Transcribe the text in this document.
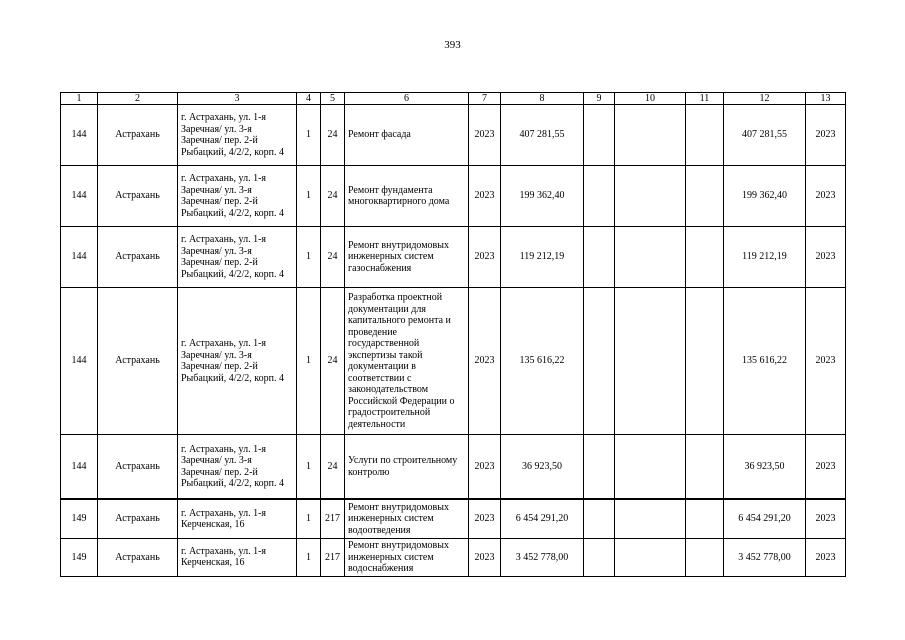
393
1	2	3	4	5	6	7	8	9	10	11	12	13
144	Астрахань	г. Астрахань, ул. 1-я Заречная/ ул. 3-я Заречная/ пер. 2-й Рыбацкий, 4/2/2, корп. 4	1	24	Ремонт фасада	2023	407 281,55				407 281,55	2023
144	Астрахань	г. Астрахань, ул. 1-я Заречная/ ул. 3-я Заречная/ пер. 2-й Рыбацкий, 4/2/2, корп. 4	1	24	Ремонт фундамента многоквартирного дома	2023	199 362,40				199 362,40	2023
144	Астрахань	г. Астрахань, ул. 1-я Заречная/ ул. 3-я Заречная/ пер. 2-й Рыбацкий, 4/2/2, корп. 4	1	24	Ремонт внутридомовых инженерных систем газоснабжения	2023	119 212,19				119 212,19	2023
144	Астрахань	г. Астрахань, ул. 1-я Заречная/ ул. 3-я Заречная/ пер. 2-й Рыбацкий, 4/2/2, корп. 4	1	24	Разработка проектной документации для капитального ремонта и проведение государственной экспертизы такой документации в соответствии с законодательством Российской Федерации о градостроительной деятельности	2023	135 616,22				135 616,22	2023
144	Астрахань	г. Астрахань, ул. 1-я Заречная/ ул. 3-я Заречная/ пер. 2-й Рыбацкий, 4/2/2, корп. 4	1	24	Услуги по строительному контролю	2023	36 923,50				36 923,50	2023
149	Астрахань	г. Астрахань, ул. 1-я Керченская, 16	1	217	Ремонт внутридомовых инженерных систем водоотведения	2023	6 454 291,20				6 454 291,20	2023
149	Астрахань	г. Астрахань, ул. 1-я Керченская, 16	1	217	Ремонт внутридомовых инженерных систем водоснабжения	2023	3 452 778,00				3 452 778,00	2023
